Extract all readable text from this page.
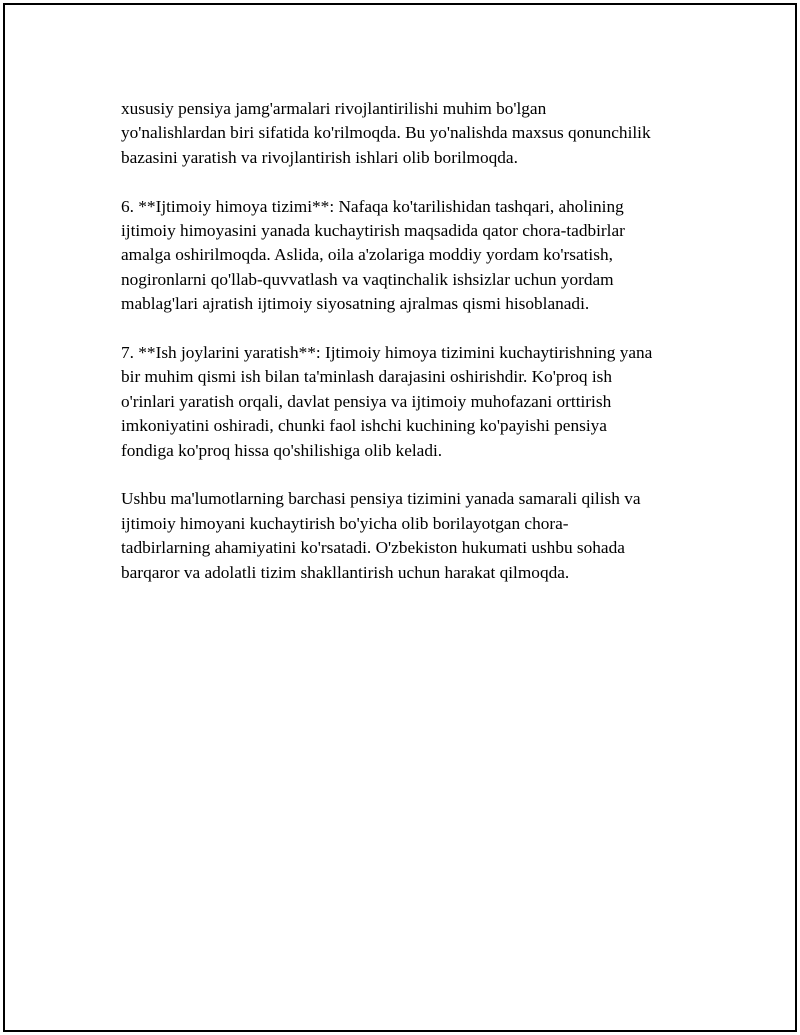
xususiy pensiya jamg'armalari rivojlantirilishi muhim bo'lgan
yo'nalishlardan biri sifatida ko'rilmoqda. Bu yo'nalishda maxsus qonunchilik
bazasini yaratish va rivojlantirish ishlari olib borilmoqda.

6. **Ijtimoiy himoya tizimi**: Nafaqa ko'tarilishidan tashqari, aholining
ijtimoiy himoyasini yanada kuchaytirish maqsadida qator chora-tadbirlar
amalga oshirilmoqda. Aslida, oila a'zolariga moddiy yordam ko'rsatish,
nogironlarni qo'llab-quvvatlash va vaqtinchalik ishsizlar uchun yordam
mablag'lari ajratish ijtimoiy siyosatning ajralmas qismi hisoblanadi.

7. **Ish joylarini yaratish**: Ijtimoiy himoya tizimini kuchaytirishning yana
bir muhim qismi ish bilan ta'minlash darajasini oshirishdir. Ko'proq ish
o'rinlari yaratish orqali, davlat pensiya va ijtimoiy muhofazani orttirish
imkoniyatini oshiradi, chunki faol ishchi kuchining ko'payishi pensiya
fondiga ko'proq hissa qo'shilishiga olib keladi.

Ushbu ma'lumotlarning barchasi pensiya tizimini yanada samarali qilish va
ijtimoiy himoyani kuchaytirish bo'yicha olib borilayotgan chora-
tadbirlarning ahamiyatini ko'rsatadi. O'zbekiston hukumati ushbu sohada
barqaror va adolatli tizim shakllantirish uchun harakat qilmoqda.
